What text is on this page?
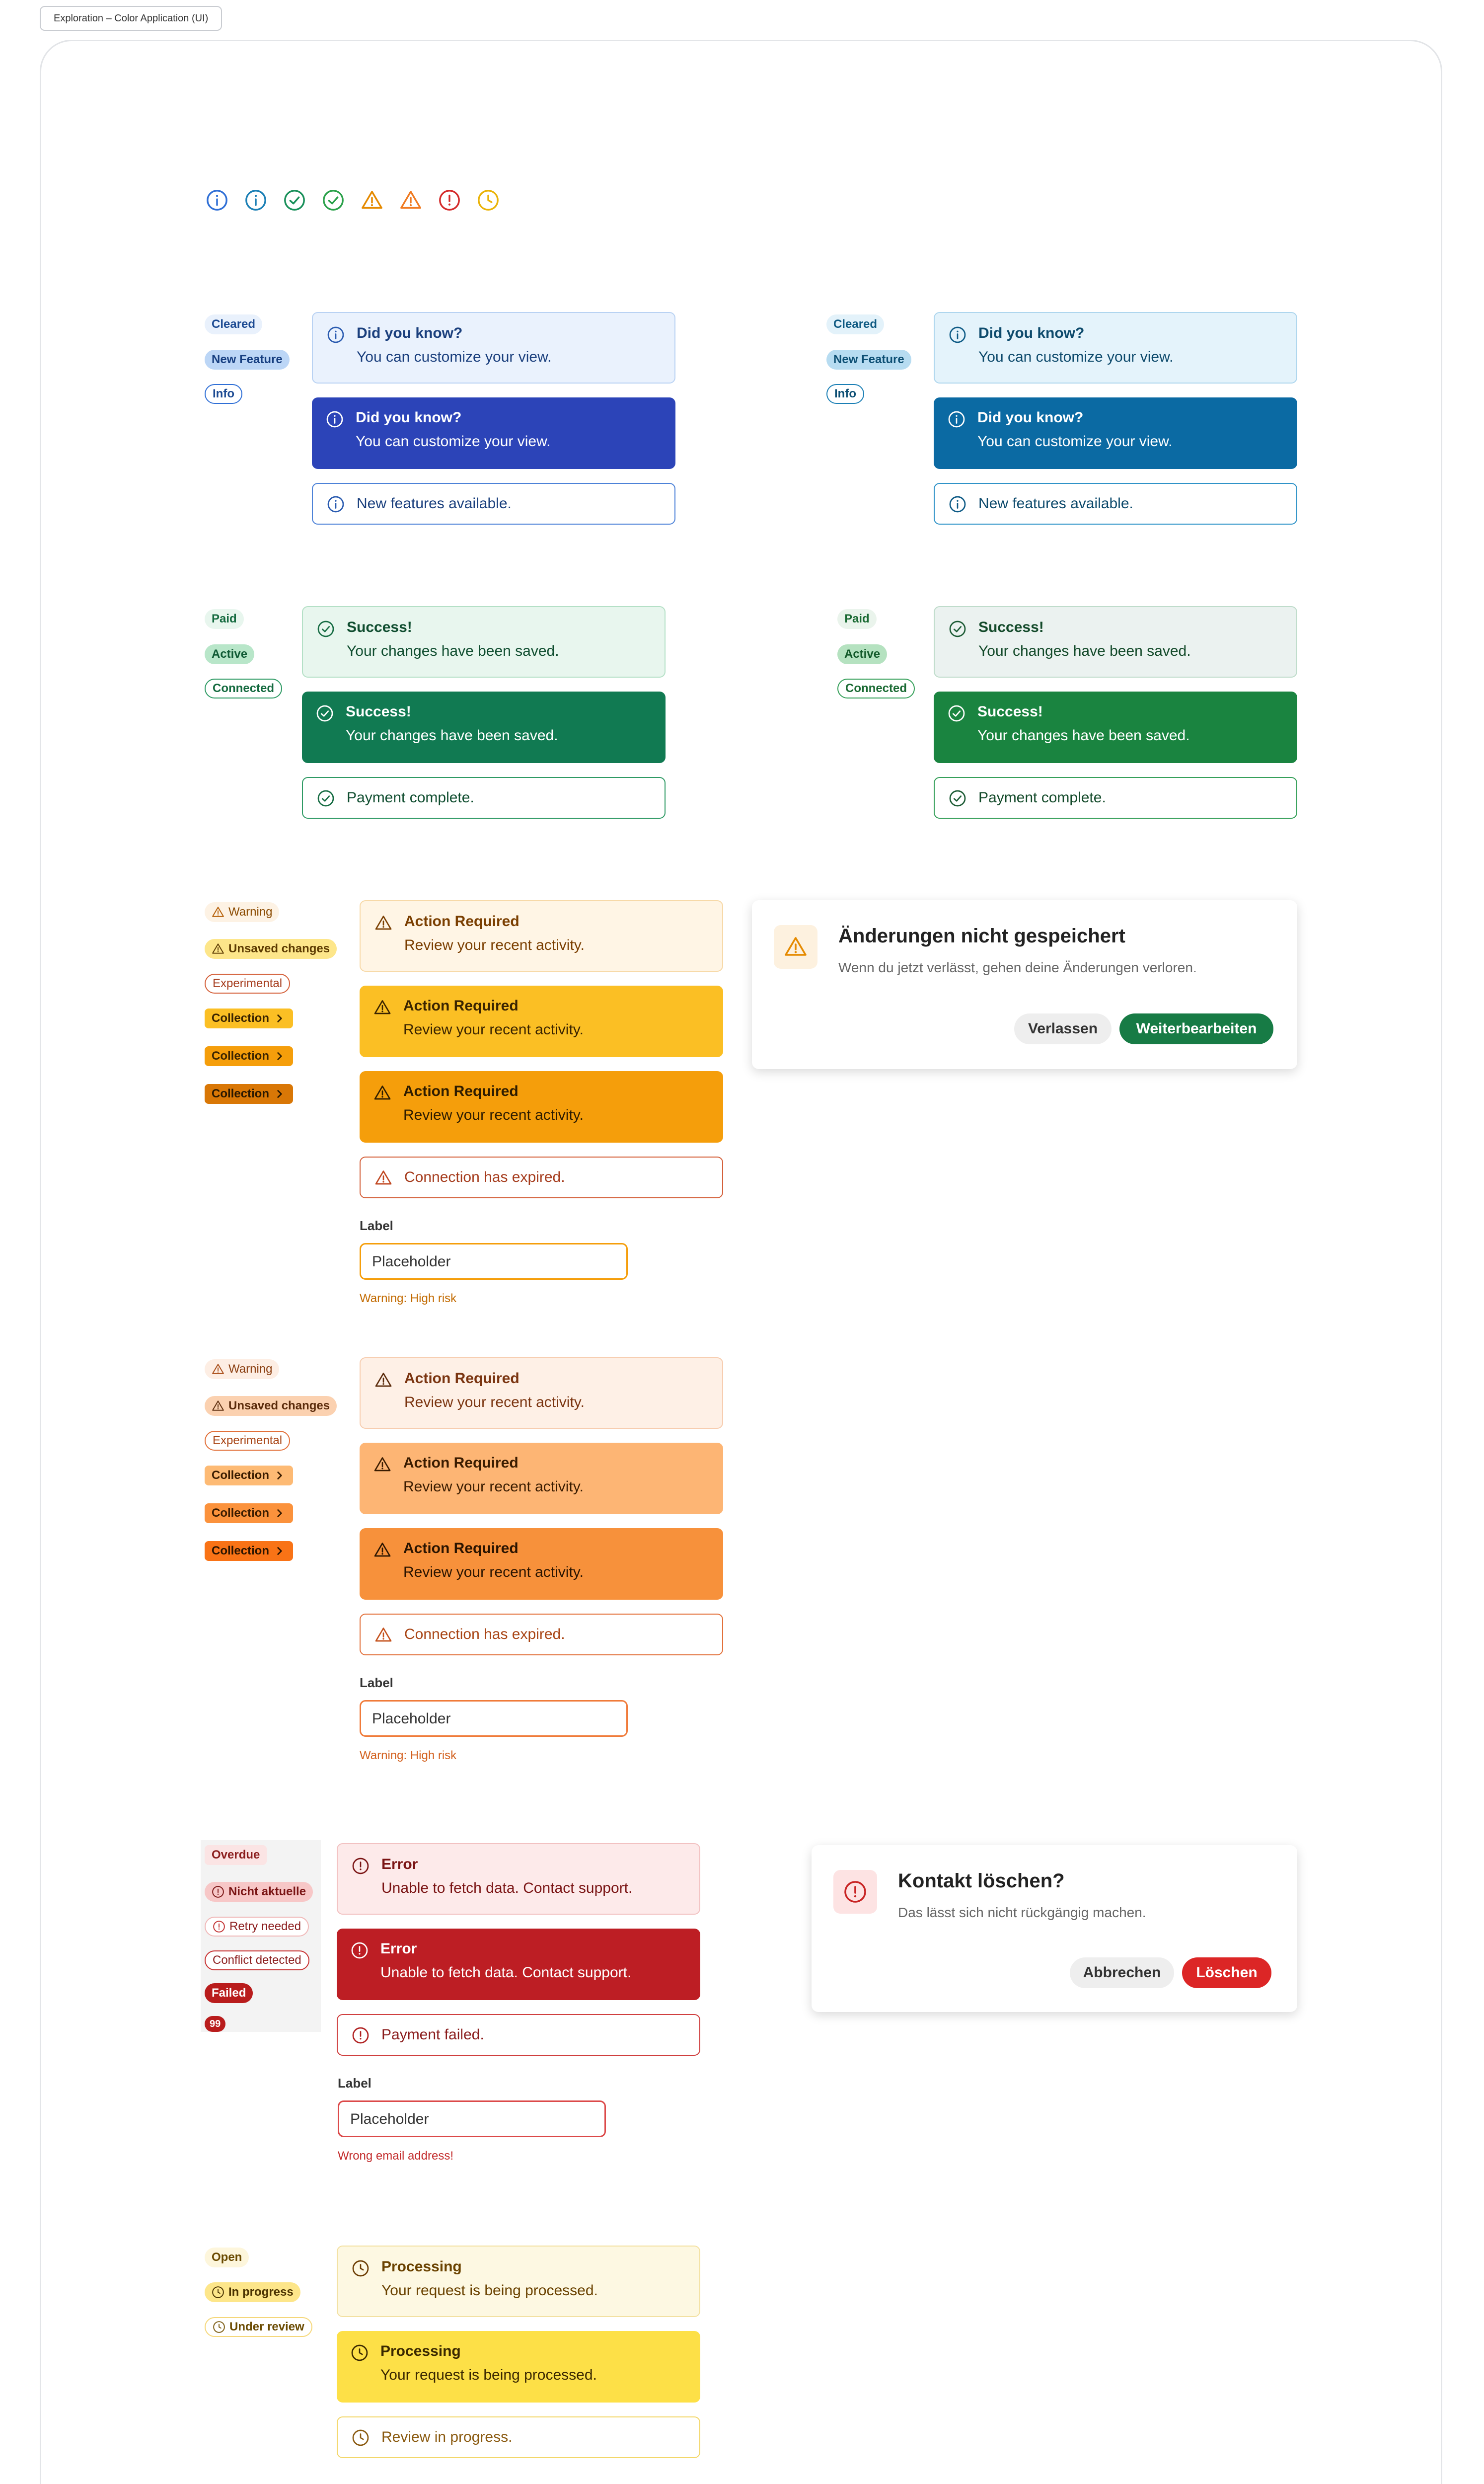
Exploration – Color Application (UI)
Cleared
New Feature
Info
Did you know?
You can customize your view.
Did you know?
You can customize your view.
New features available.
Cleared
New Feature
Info
Did you know?
You can customize your view.
Did you know?
You can customize your view.
New features available.
Paid
Active
Connected
Success!
Your changes have been saved.
Success!
Your changes have been saved.
Payment complete.
Paid
Active
Connected
Success!
Your changes have been saved.
Success!
Your changes have been saved.
Payment complete.
Warning
Unsaved changes
Experimental
Collection
Collection
Collection
Action Required
Review your recent activity.
Action Required
Review your recent activity.
Action Required
Review your recent activity.
Connection has expired.
Label
Placeholder
Warning: High risk
Änderungen nicht gespeichert
Wenn du jetzt verlässt, gehen deine Änderungen verloren.
Verlassen	Weiterbearbeiten
Warning
Unsaved changes
Experimental
Collection
Collection
Collection
Action Required
Review your recent activity.
Action Required
Review your recent activity.
Action Required
Review your recent activity.
Connection has expired.
Label
Placeholder
Warning: High risk
Overdue
Nicht aktuelle
Retry needed
Conflict detected
Failed
99
Error
Unable to fetch data. Contact support.
Error
Unable to fetch data. Contact support.
Payment failed.
Label
Placeholder
Wrong email address!
Kontakt löschen?
Das lässt sich nicht rückgängig machen.
Abbrechen	Löschen
Open
In progress
Under review
Processing
Your request is being processed.
Processing
Your request is being processed.
Review in progress.
